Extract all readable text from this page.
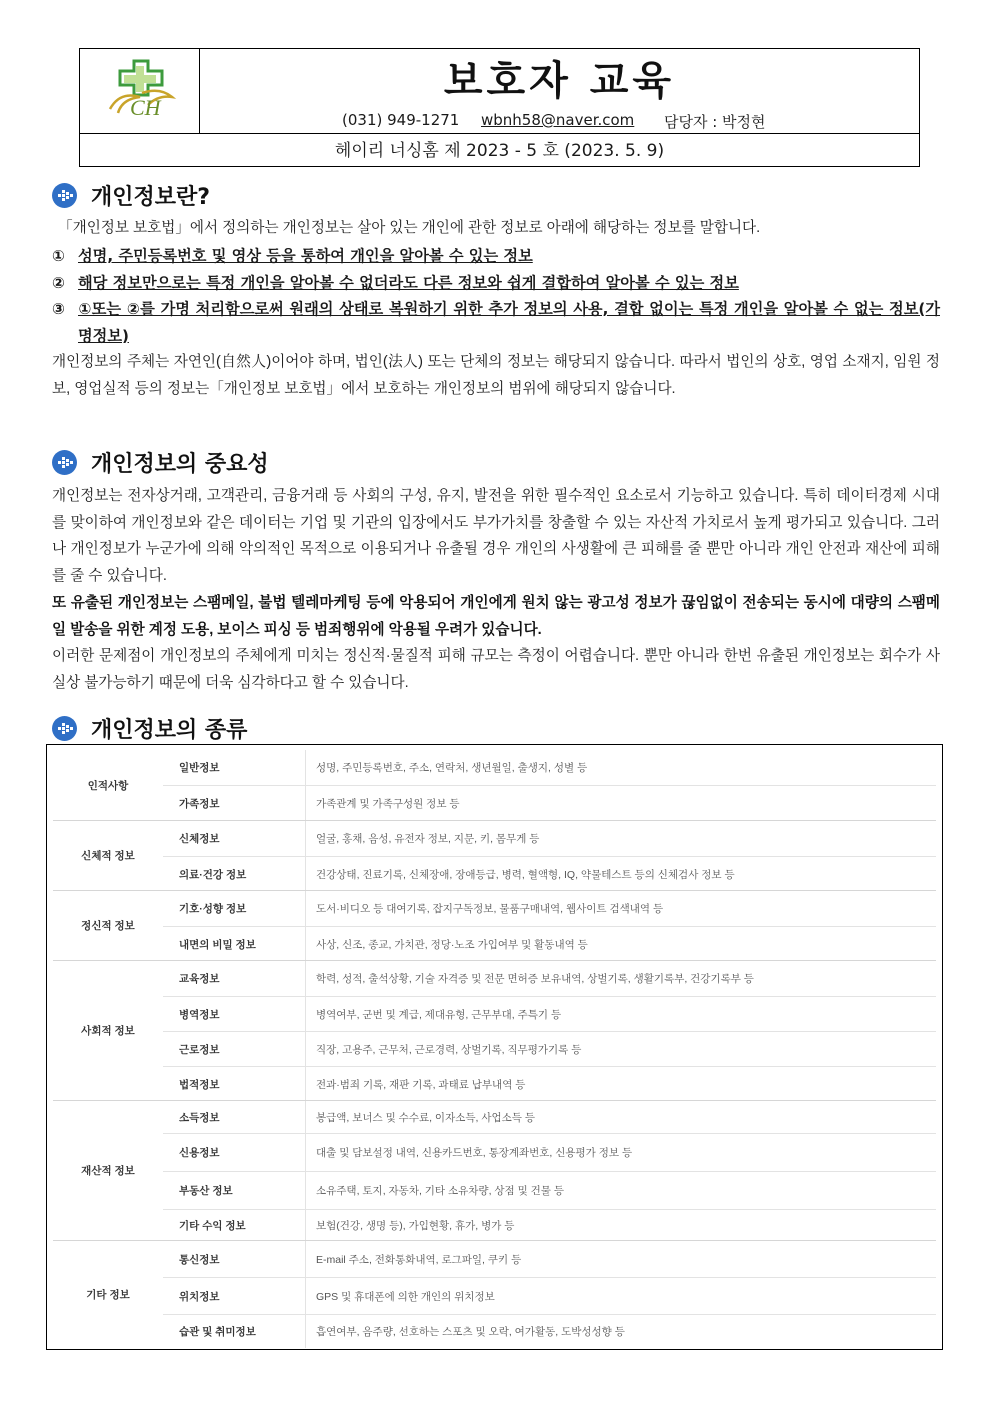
CH
보호자 교육
(031) 949-1271 wbnh58@naver.com 담당자 : 박정현
헤이리 너싱홈 제 2023 - 5 호 (2023. 5. 9)
개인정보란?
「개인정보 보호법」에서 정의하는 개인정보는 살아 있는 개인에 관한 정보로 아래에 해당하는 정보를 말합니다.
① 성명, 주민등록번호 및 영상 등을 통하여 개인을 알아볼 수 있는 정보
② 해당 정보만으로는 특정 개인을 알아볼 수 없더라도 다른 정보와 쉽게 결합하여 알아볼 수 있는 정보
③ ①또는 ②를 가명 처리함으로써 원래의 상태로 복원하기 위한 추가 정보의 사용, 결합 없이는 특정 개인을 알아볼 수 없는 정보(가명정보)
개인정보의 주체는 자연인(自然人)이어야 하며, 법인(法人) 또는 단체의 정보는 해당되지 않습니다. 따라서 법인의 상호, 영업 소재지, 임원 정보, 영업실적 등의 정보는「개인정보 보호법」에서 보호하는 개인정보의 범위에 해당되지 않습니다.
개인정보의 중요성
개인정보는 전자상거래, 고객관리, 금융거래 등 사회의 구성, 유지, 발전을 위한 필수적인 요소로서 기능하고 있습니다. 특히 데이터경제 시대를 맞이하여 개인정보와 같은 데이터는 기업 및 기관의 입장에서도 부가가치를 창출할 수 있는 자산적 가치로서 높게 평가되고 있습니다. 그러나 개인정보가 누군가에 의해 악의적인 목적으로 이용되거나 유출될 경우 개인의 사생활에 큰 피해를 줄 뿐만 아니라 개인 안전과 재산에 피해를 줄 수 있습니다.
또 유출된 개인정보는 스팸메일, 불법 텔레마케팅 등에 악용되어 개인에게 원치 않는 광고성 정보가 끊임없이 전송되는 동시에 대량의 스팸메일 발송을 위한 계정 도용, 보이스 피싱 등 범죄행위에 악용될 우려가 있습니다.
이러한 문제점이 개인정보의 주체에게 미치는 정신적·물질적 피해 규모는 측정이 어렵습니다. 뿐만 아니라 한번 유출된 개인정보는 회수가 사실상 불가능하기 때문에 더욱 심각하다고 할 수 있습니다.
개인정보의 종류
인적사항
일반정보	성명, 주민등록번호, 주소, 연락처, 생년월일, 출생지, 성별 등
가족정보	가족관계 및 가족구성원 정보 등
신체적 정보
신체정보	얼굴, 홍채, 음성, 유전자 정보, 지문, 키, 몸무게 등
의료·건강 정보	건강상태, 진료기록, 신체장애, 장애등급, 병력, 혈액형, IQ, 약물테스트 등의 신체검사 정보 등
정신적 정보
기호·성향 정보	도서·비디오 등 대여기록, 잡지구독정보, 물품구매내역, 웹사이트 검색내역 등
내면의 비밀 정보	사상, 신조, 종교, 가치관, 정당·노조 가입여부 및 활동내역 등
사회적 정보
교육정보	학력, 성적, 출석상황, 기술 자격증 및 전문 면허증 보유내역, 상벌기록, 생활기록부, 건강기록부 등
병역정보	병역여부, 군번 및 계급, 제대유형, 근무부대, 주특기 등
근로정보	직장, 고용주, 근무처, 근로경력, 상벌기록, 직무평가기록 등
법적정보	전과·범죄 기록, 재판 기록, 과태료 납부내역 등
재산적 정보
소득정보	봉급액, 보너스 및 수수료, 이자소득, 사업소득 등
신용정보	대출 및 담보설정 내역, 신용카드번호, 통장계좌번호, 신용평가 정보 등
부동산 정보	소유주택, 토지, 자동차, 기타 소유차량, 상점 및 건물 등
기타 수익 정보	보험(건강, 생명 등), 가입현황, 휴가, 병가 등
기타 정보
통신정보	E-mail 주소, 전화통화내역, 로그파일, 쿠키 등
위치정보	GPS 및 휴대폰에 의한 개인의 위치정보
습관 및 취미정보	흡연여부, 음주량, 선호하는 스포츠 및 오락, 여가활동, 도박성성향 등
